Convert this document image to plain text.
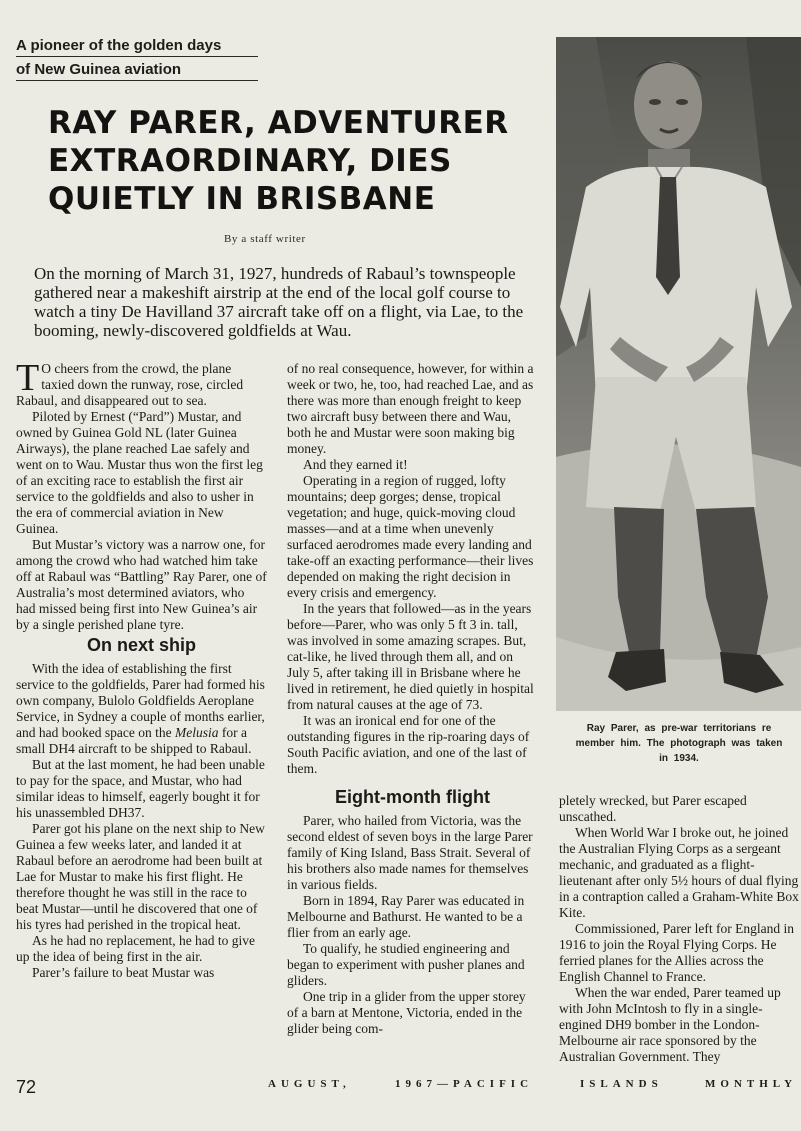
A pioneer of the golden days
of New Guinea aviation
RAY PARER, ADVENTURER
EXTRAORDINARY, DIES
QUIETLY IN BRISBANE
By a staff writer
On the morning of March 31, 1927, hundreds of Rabaul’s townspeople gathered near a makeshift airstrip at the end of the local golf course to watch a tiny De Havilland 37 aircraft take off on a flight, via Lae, to the booming, newly-discovered goldfields at Wau.

T O cheers from the crowd, the plane taxied down the runway, rose, circled Rabaul, and disappeared out to sea.

Piloted by Ernest (“Pard”) Mustar, and owned by Guinea Gold NL (later Guinea Airways), the plane reached Lae safely and went on to Wau. Mustar thus won the first leg of an exciting race to establish the first air service to the goldfields and also to usher in the era of commercial aviation in New Guinea.

But Mustar’s victory was a narrow one, for among the crowd who had watched him take off at Rabaul was “Battling” Ray Parer, one of Australia’s most determined aviators, who had missed being first into New Guinea’s air by a single perished plane tyre.

On next ship

With the idea of establishing the first service to the goldfields, Parer had formed his own company, Bulolo Goldfields Aeroplane Service, in Sydney a couple of months earlier, and had booked space on the Melusia for a small DH4 aircraft to be shipped to Rabaul.

But at the last moment, he had been unable to pay for the space, and Mustar, who had similar ideas to himself, eagerly bought it for his unassembled DH37.

Parer got his plane on the next ship to New Guinea a few weeks later, and landed it at Rabaul before an aerodrome had been built at Lae for Mustar to make his first flight. He therefore thought he was still in the race to beat Mustar—until he discovered that one of his tyres had perished in the tropical heat.

As he had no replacement, he had to give up the idea of being first in the air.

Parer’s failure to beat Mustar was

of no real consequence, however, for within a week or two, he, too, had reached Lae, and as there was more than enough freight to keep two aircraft busy between there and Wau, both he and Mustar were soon making big money.

And they earned it!

Operating in a region of rugged, lofty mountains; deep gorges; dense, tropical vegetation; and huge, quick-moving cloud masses—and at a time when unevenly surfaced aerodromes made every landing and take-off an exacting performance—their lives depended on making the right decision in every crisis and emergency.

In the years that followed—as in the years before—Parer, who was only 5 ft 3 in. tall, was involved in some amazing scrapes. But, cat-like, he lived through them all, and on July 5, after taking ill in Brisbane where he lived in retirement, he died quietly in hospital from natural causes at the age of 73.

It was an ironical end for one of the outstanding figures in the rip-roaring days of South Pacific aviation, and one of the last of them.

Eight-month flight

Parer, who hailed from Victoria, was the second eldest of seven boys in the large Parer family of King Island, Bass Strait. Several of his brothers also made names for themselves in various fields.

Born in 1894, Ray Parer was educated in Melbourne and Bathurst. He wanted to be a flier from an early age.

To qualify, he studied engineering and began to experiment with pusher planes and gliders.

One trip in a glider from the upper storey of a barn at Mentone, Victoria, ended in the glider being com-

Ray Parer, as pre-war territorians re
member him. The photograph was taken
in 1934.

pletely wrecked, but Parer escaped unscathed.

When World War I broke out, he joined the Australian Flying Corps as a sergeant mechanic, and graduated as a flight-lieutenant after only 5½ hours of dual flying in a contraption called a Graham-White Box Kite.

Commissioned, Parer left for England in 1916 to join the Royal Flying Corps. He ferried planes for the Allies across the English Channel to France.

When the war ended, Parer teamed up with John McIntosh to fly in a single-engined DH9 bomber in the London-Melbourne air race sponsored by the Australian Government. They

72	AUGUST,	1967—PACIFIC	ISLANDS	MONTHLY
